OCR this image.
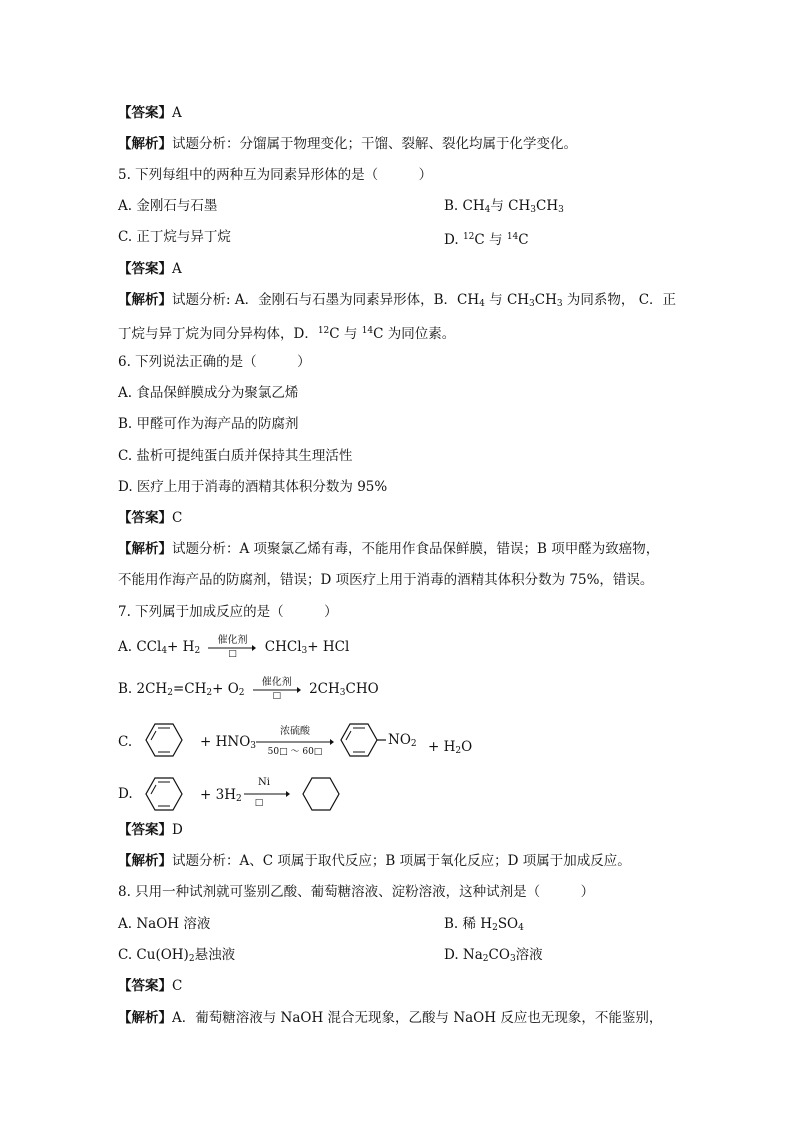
【答案】A
【解析】试题分析：分馏属于物理变化；干馏、裂解、裂化均属于化学变化。
5. 下列每组中的两种互为同素异形体的是（　　　）
A. 金刚石与石墨	B. $CH_4$与 $CH_3CH_3$
C. 正丁烷与异丁烷	D. $^{12}$C 与 $^{14}$C
【答案】A
【解析】试题分析: A．金刚石与石墨为同素异形体，B．$CH_4$ 与 $CH_3CH_3$ 为同系物， C．正
丁烷与异丁烷为同分异构体，D．$^{12}$C 与 $^{14}$C 为同位素。
6. 下列说法正确的是（　　　）
A. 食品保鲜膜成分为聚氯乙烯
B. 甲醛可作为海产品的防腐剂
C. 盐析可提纯蛋白质并保持其生理活性
D. 医疗上用于消毒的酒精其体积分数为 95%
【答案】C
【解析】试题分析：A 项聚氯乙烯有毒，不能用作食品保鲜膜，错误；B 项甲醛为致癌物，
不能用作海产品的防腐剂，错误；D 项医疗上用于消毒的酒精其体积分数为 75%，错误。
7. 下列属于加成反应的是（　　　）
A. $CCl_4+ H_2$
催化剂
□	CHCl$_3$+ HCl
B. $2CH_2=CH_2+ O_2$
催化剂
□	$2CH_3CHO$
C.	+ $HNO_3$
浓硫酸
50□ ～ 60□
$NO_2 + H_2O$
D.	+ $3H_2$
Ni
□
【答案】D
【解析】试题分析：A、C 项属于取代反应；B 项属于氧化反应；D 项属于加成反应。
8. 只用一种试剂就可鉴别乙酸、葡萄糖溶液、淀粉溶液，这种试剂是（　　　）
A. NaOH 溶液	B. 稀 $H_2SO_4$
C. $Cu(OH)_2$悬浊液	D. $Na_2CO_3$溶液
【答案】C
【解析】A．葡萄糖溶液与 NaOH 混合无现象，乙酸与 NaOH 反应也无现象，不能鉴别，
